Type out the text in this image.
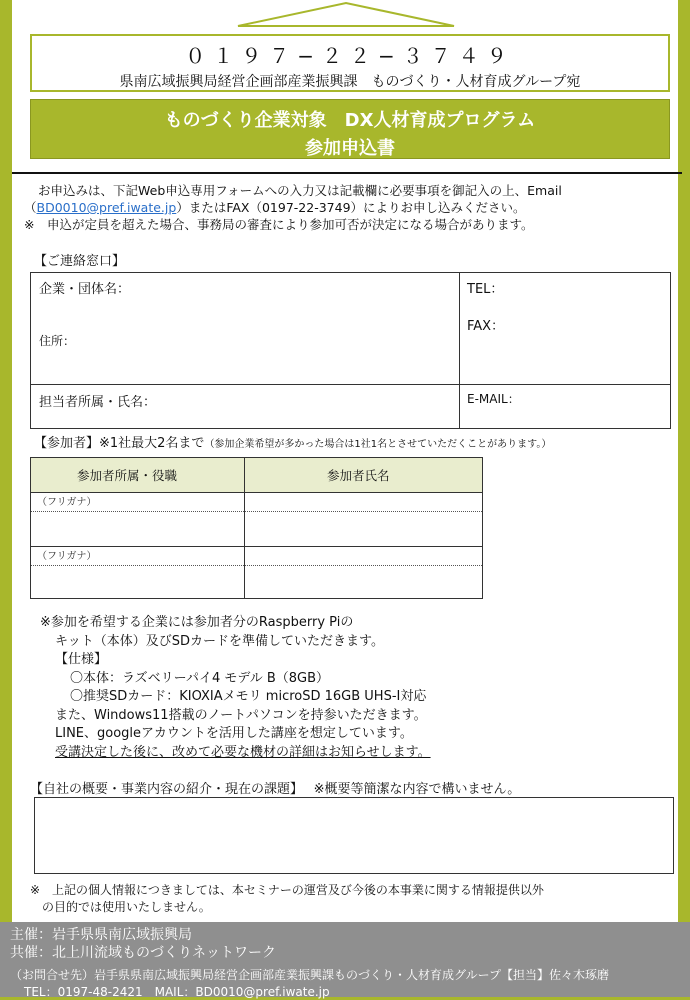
０１９７−２２−３７４９
県南広域振興局経営企画部産業振興課　ものづくり・人材育成グループ宛
ものづくり企業対象　DX人材育成プログラム
参加申込書
お申込みは、下記Web申込専用フォームへの入力又は記載欄に必要事項を御記入の上、Email
（BD0010@pref.iwate.jp）またはFAX（0197-22-3749）によりお申し込みください。
※　申込が定員を超えた場合、事務局の審査により参加可否が決定になる場合があります。
【ご連絡窓口】
企業・団体名：
住所：
TEL：
FAX：
担当者所属・氏名：	E-MAIL：
【参加者】※1社最大2名まで（参加企業希望が多かった場合は1社1名とさせていただくことがあります。）
参加者所属・役職	参加者氏名
（フリガナ）
（フリガナ）
※参加を希望する企業には参加者分のRaspberry Piの
キット（本体）及びSDカードを準備していただきます。
【仕様】
〇本体：ラズベリーパイ4 モデル B（8GB）
〇推奨SDカード：KIOXIAメモリ microSD 16GB UHS-I対応
また、Windows11搭載のノートパソコンを持参いただきます。
LINE、googleアカウントを活用した講座を想定しています。
受講決定した後に、改めて必要な機材の詳細はお知らせします。
【自社の概要・事業内容の紹介・現在の課題】　 ※概要等簡潔な内容で構いません。
※　上記の個人情報につきましては、本セミナーの運営及び今後の本事業に関する情報提供以外
の目的では使用いたしません。
主催：岩手県県南広域振興局
共催：北上川流域ものづくりネットワーク
（お問合せ先）岩手県県南広域振興局経営企画部産業振興課ものづくり・人材育成グループ【担当】佐々木琢磨
TEL：0197-48-2421　MAIL：BD0010@pref.iwate.jp
